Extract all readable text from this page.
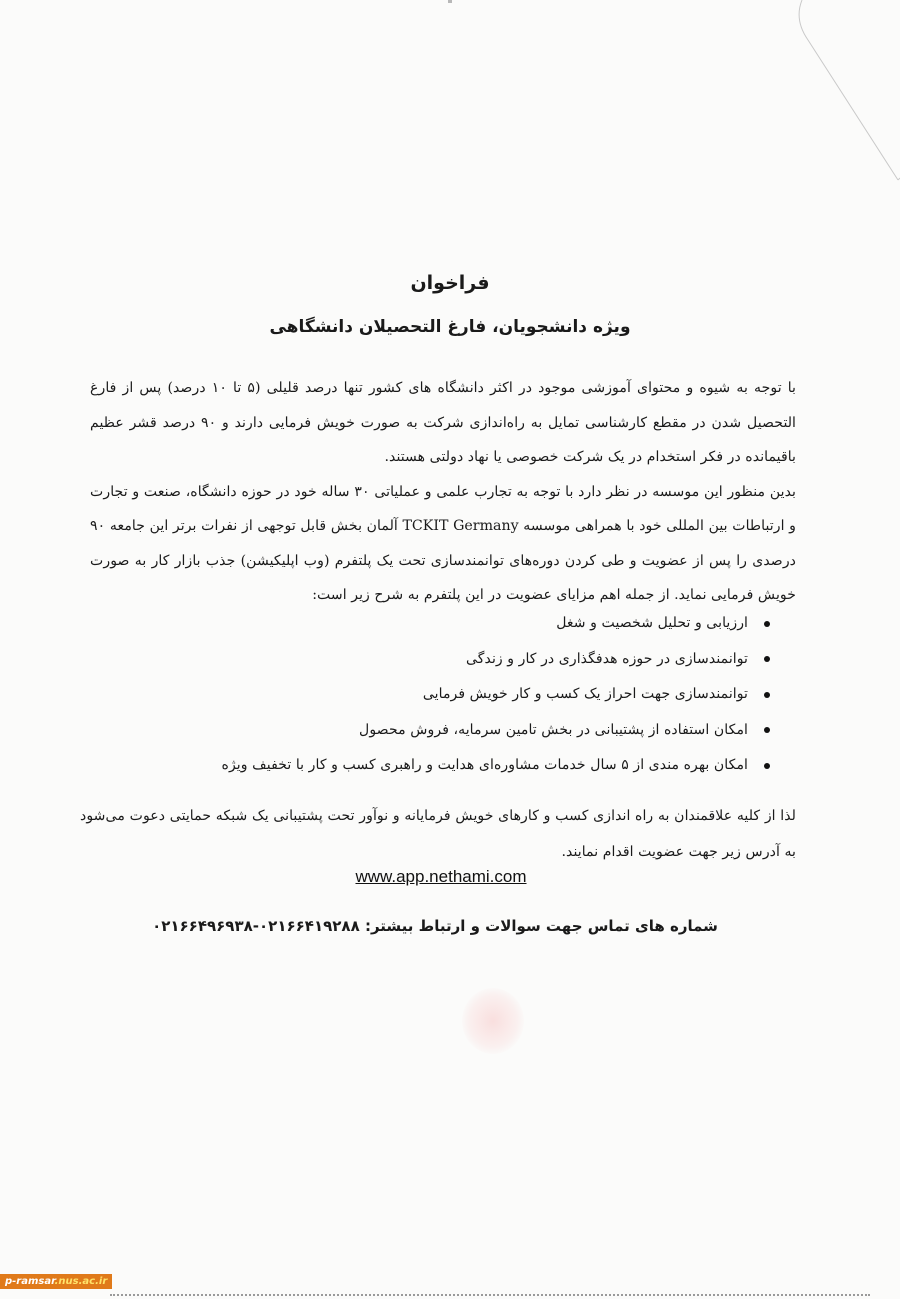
فراخوان
ویژه دانشجویان، فارغ التحصیلان دانشگاهی

با توجه به شیوه و محتوای آموزشی موجود در اکثر دانشگاه های کشور تنها درصد قلیلی (۵ تا ۱۰ درصد) پس از فارغ التحصیل شدن در مقطع کارشناسی تمایل به راه‌اندازی شرکت به صورت خویش فرمایی دارند و ۹۰ درصد قشر عظیم باقیمانده در فکر استخدام در یک شرکت خصوصی یا نهاد دولتی هستند.

بدین منظور این موسسه در نظر دارد با توجه به تجارب علمی و عملیاتی ۳۰ ساله خود در حوزه دانشگاه، صنعت و تجارت و ارتباطات بین المللی خود با همراهی موسسه TCKIT Germany آلمان بخش قابل توجهی از نفرات برتر این جامعه ۹۰ درصدی را پس از عضویت و طی کردن دوره‌های توانمندسازی تحت یک پلتفرم (وب اپلیکیشن) جذب بازار کار به صورت خویش فرمایی نماید. از جمله اهم مزایای عضویت در این پلتفرم به شرح زیر است:

ارزیابی و تحلیل شخصیت و شغل
توانمندسازی در حوزه هدفگذاری در کار و زندگی
توانمندسازی جهت احراز یک کسب و کار خویش فرمایی
امکان استفاده از پشتیبانی در بخش تامین سرمایه، فروش محصول
امکان بهره مندی از ۵ سال خدمات مشاوره‌ای هدایت و راهبری کسب و کار با تخفیف ویژه

لذا از کلیه علاقمندان به راه اندازی کسب و کارهای خویش فرمایانه و نوآور تحت پشتیبانی یک شبکه حمایتی دعوت می‌شود به آدرس زیر جهت عضویت اقدام نمایند.

www.app.nethami.com
شماره های تماس جهت سوالات و ارتباط بیشتر: ۰۲۱۶۶۴۱۹۲۸۸-۰۲۱۶۶۴۹۶۹۳۸
p-ramsar.nus.ac.ir
